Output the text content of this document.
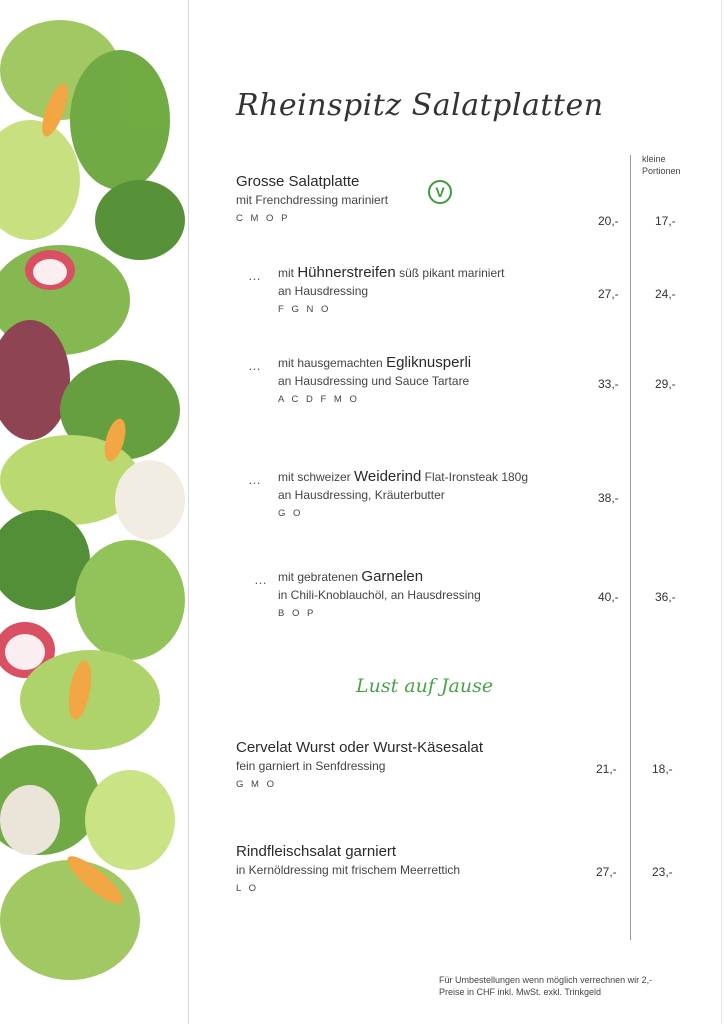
Rheinspitz Salatplatten
kleine
Portionen
Grosse Salatplatte
mit Frenchdressing mariniert
C M O P
V
20,-	17,-
… mit Hühnerstreifen süß pikant mariniert
an Hausdressing
F G N O
27,-	24,-
… mit hausgemachten Egliknusperli
an Hausdressing und Sauce Tartare
A C D F M O
33,-	29,-
… mit schweizer Weiderind Flat-Ironsteak 180g
an Hausdressing, Kräuterbutter
G O
38,-
… mit gebratenen Garnelen
in Chili-Knoblauchöl, an Hausdressing
B O P
40,-	36,-
Lust auf Jause
Cervelat Wurst oder Wurst-Käsesalat
fein garniert in Senfdressing
G M O
21,-	18,-
Rindfleischsalat garniert
in Kernöldressing mit frischem Meerrettich
L O
27,-	23,-
Für Umbestellungen wenn möglich verrechnen wir 2,-
Preise in CHF inkl. MwSt. exkl. Trinkgeld
